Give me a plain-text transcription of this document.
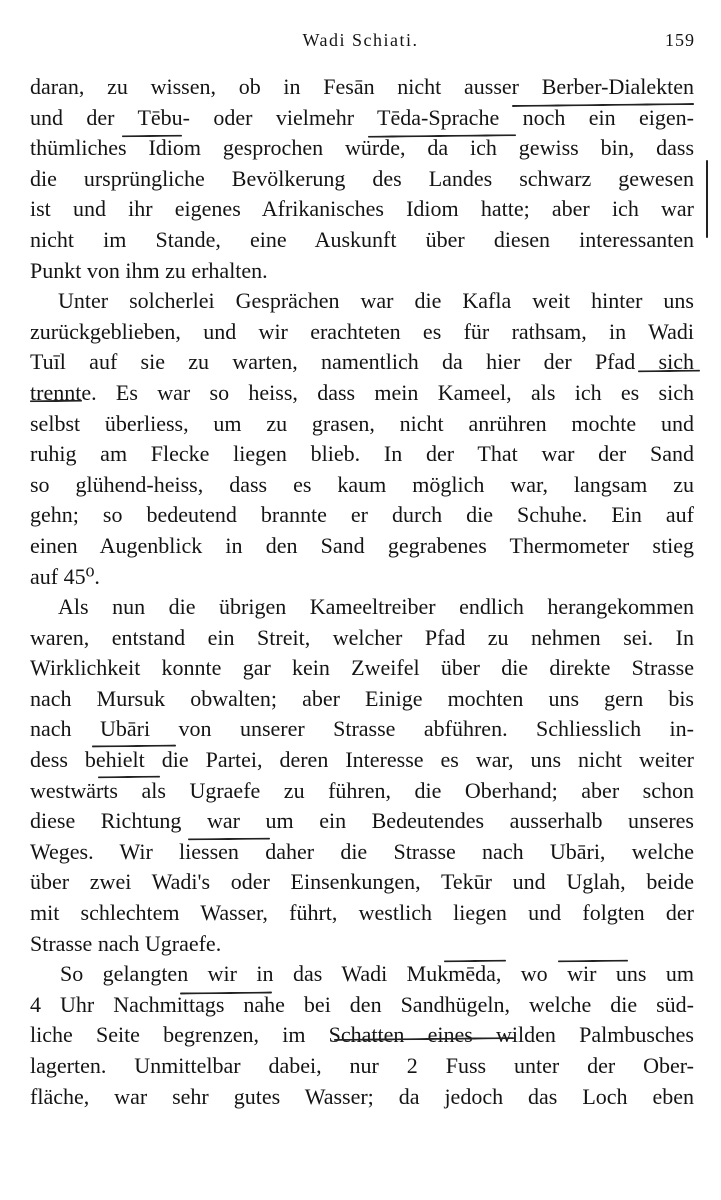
Wadi Schiati.	159
daran, zu wissen, ob in Fesān nicht ausser Berber-Dialekten
und der Tēbu- oder vielmehr Tēda-Sprache noch ein eigen-
thümliches Idiom gesprochen würde, da ich gewiss bin, dass
die ursprüngliche Bevölkerung des Landes schwarz gewesen
ist und ihr eigenes Afrikanisches Idiom hatte; aber ich war
nicht im Stande, eine Auskunft über diesen interessanten
Punkt von ihm zu erhalten.
Unter solcherlei Gesprächen war die Kafla weit hinter uns
zurückgeblieben, und wir erachteten es für rathsam, in Wadi
Tuīl auf sie zu warten, namentlich da hier der Pfad sich
trennte. Es war so heiss, dass mein Kameel, als ich es sich
selbst überliess, um zu grasen, nicht anrühren mochte und
ruhig am Flecke liegen blieb. In der That war der Sand
so glühend-heiss, dass es kaum möglich war, langsam zu
gehn; so bedeutend brannte er durch die Schuhe. Ein auf
einen Augenblick in den Sand gegrabenes Thermometer stieg
auf 45⁰.
Als nun die übrigen Kameeltreiber endlich herangekommen
waren, entstand ein Streit, welcher Pfad zu nehmen sei. In
Wirklichkeit konnte gar kein Zweifel über die direkte Strasse
nach Mursuk obwalten; aber Einige mochten uns gern bis
nach Ubāri von unserer Strasse abführen. Schliesslich in-
dess behielt die Partei, deren Interesse es war, uns nicht weiter
westwärts als Ugraefe zu führen, die Oberhand; aber schon
diese Richtung war um ein Bedeutendes ausserhalb unseres
Weges. Wir liessen daher die Strasse nach Ubāri, welche
über zwei Wadi's oder Einsenkungen, Tekūr und Uglah, beide
mit schlechtem Wasser, führt, westlich liegen und folgten der
Strasse nach Ugraefe.
So gelangten wir in das Wadi Mukmēda, wo wir uns um
4 Uhr Nachmittags nahe bei den Sandhügeln, welche die süd-
liche Seite begrenzen, im Schatten eines wilden Palmbusches
lagerten. Unmittelbar dabei, nur 2 Fuss unter der Ober-
fläche, war sehr gutes Wasser; da jedoch das Loch eben
